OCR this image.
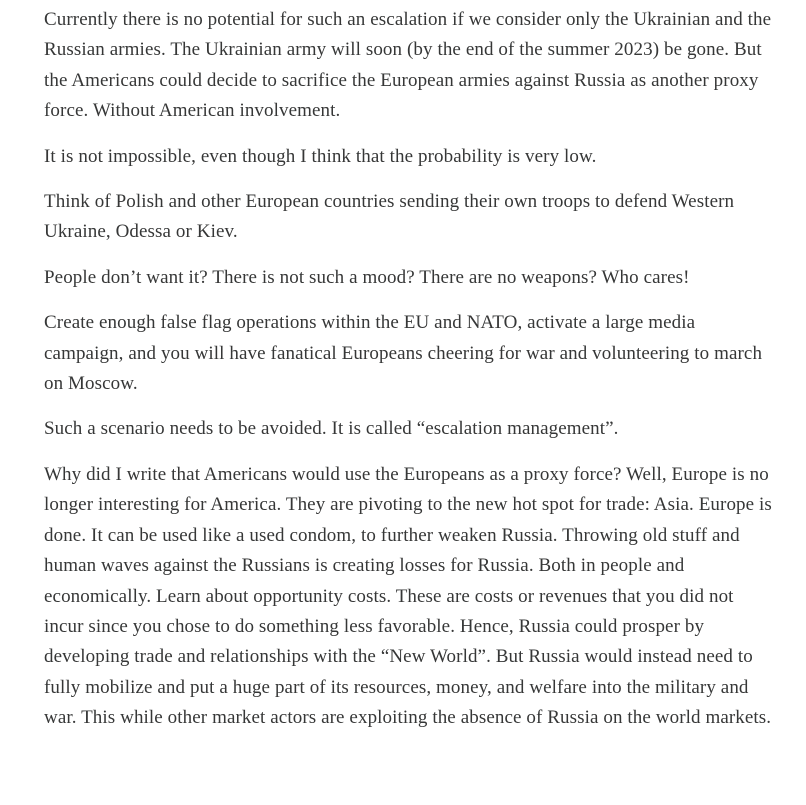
Currently there is no potential for such an escalation if we consider only the Ukrainian and the Russian armies. The Ukrainian army will soon (by the end of the summer 2023) be gone. But the Americans could decide to sacrifice the European armies against Russia as another proxy force. Without American involvement.

It is not impossible, even though I think that the probability is very low.

Think of Polish and other European countries sending their own troops to defend Western Ukraine, Odessa or Kiev.

People don’t want it? There is not such a mood? There are no weapons? Who cares!

Create enough false flag operations within the EU and NATO, activate a large media campaign, and you will have fanatical Europeans cheering for war and volunteering to march on Moscow.

Such a scenario needs to be avoided. It is called “escalation management”.

Why did I write that Americans would use the Europeans as a proxy force? Well, Europe is no longer interesting for America. They are pivoting to the new hot spot for trade: Asia. Europe is done. It can be used like a used condom, to further weaken Russia. Throwing old stuff and human waves against the Russians is creating losses for Russia. Both in people and economically. Learn about opportunity costs. These are costs or revenues that you did not incur since you chose to do something less favorable. Hence, Russia could prosper by developing trade and relationships with the “New World”. But Russia would instead need to fully mobilize and put a huge part of its resources, money, and welfare into the military and war. This while other market actors are exploiting the absence of Russia on the world markets.
